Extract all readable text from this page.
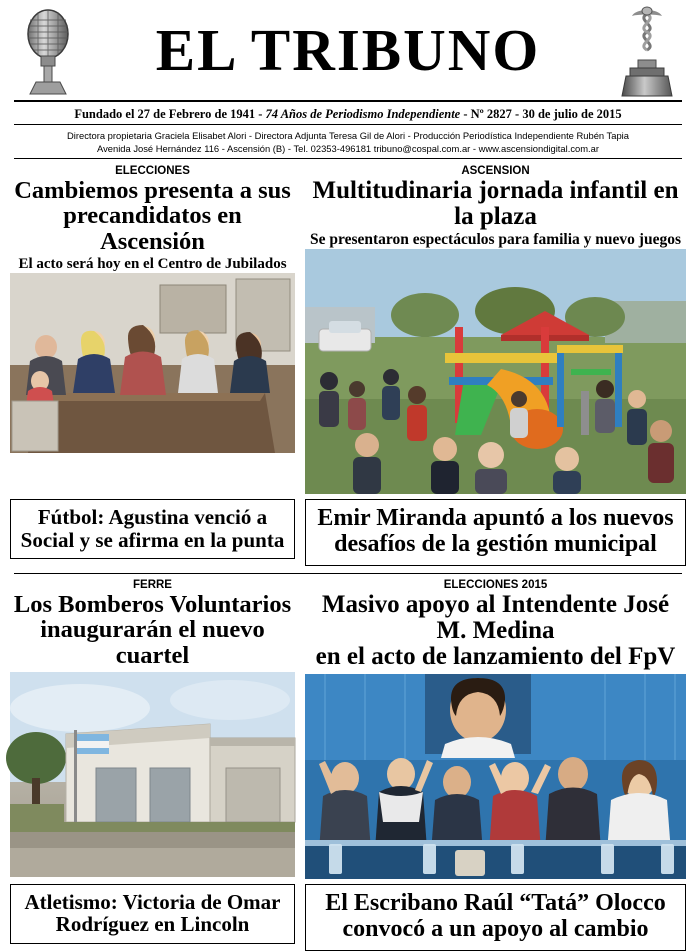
EL TRIBUNO
Fundado el 27 de Febrero de 1941 - 74 Años de Periodismo Independiente - Nº 2827 - 30 de julio de 2015
Directora propietaria Graciela Elisabet Alori - Directora Adjunta Teresa Gil de Alori - Producción Periodística Independiente Rubén Tapia
Avenida José Hernández 116 - Ascensión (B) - Tel. 02353-496181 tribuno@cospal.com.ar - www.ascensiondigital.com.ar
ELECCIONES
Cambiemos presenta a sus
precandidatos en Ascensión
El acto será hoy en el Centro de Jubilados
ASCENSION
Multitudinaria jornada infantil en la plaza
Se presentaron espectáculos para familia y nuevo juegos
Fútbol: Agustina venció a
Social y se afirma en la punta
Emir Miranda apuntó a los nuevos
desafíos de la gestión municipal
FERRE
Los Bomberos Voluntarios
inaugurarán el nuevo cuartel
ELECCIONES 2015
Masivo apoyo al Intendente José M. Medina
en el acto de lanzamiento del FpV
Atletismo: Victoria de Omar
Rodríguez en Lincoln
El Escribano Raúl “Tatá” Olocco
convocó a un apoyo al cambio
